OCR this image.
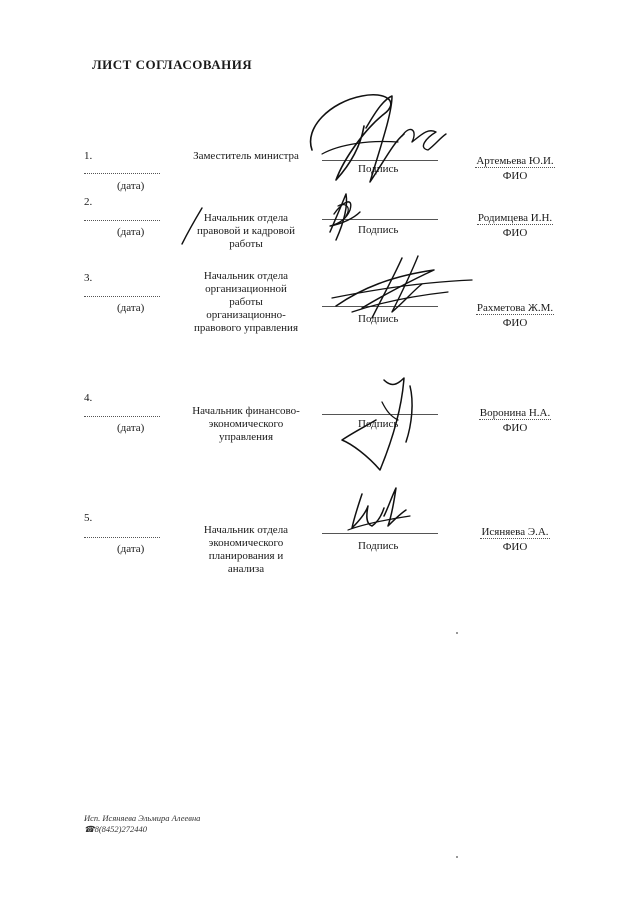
ЛИСТ СОГЛАСОВАНИЯ
1.
(дата)
Заместитель министра
Подпись
Артемьева Ю.И.
ФИО
2.
(дата)
Начальник отдела
правовой и кадровой
работы
Подпись
Родимцева И.Н.
ФИО
3.
(дата)
Начальник отдела
организационной
работы
организационно-
правового управления
Подпись
Рахметова Ж.М.
ФИО
4.
(дата)
Начальник финансово-
экономического
управления
Подпись
Воронина Н.А.
ФИО
5.
(дата)
Начальник отдела
экономического
планирования и
анализа
Подпись
Исяняева Э.А.
ФИО
Исп. Исяняева Эльмира Алеевна
☎8(8452)272440
